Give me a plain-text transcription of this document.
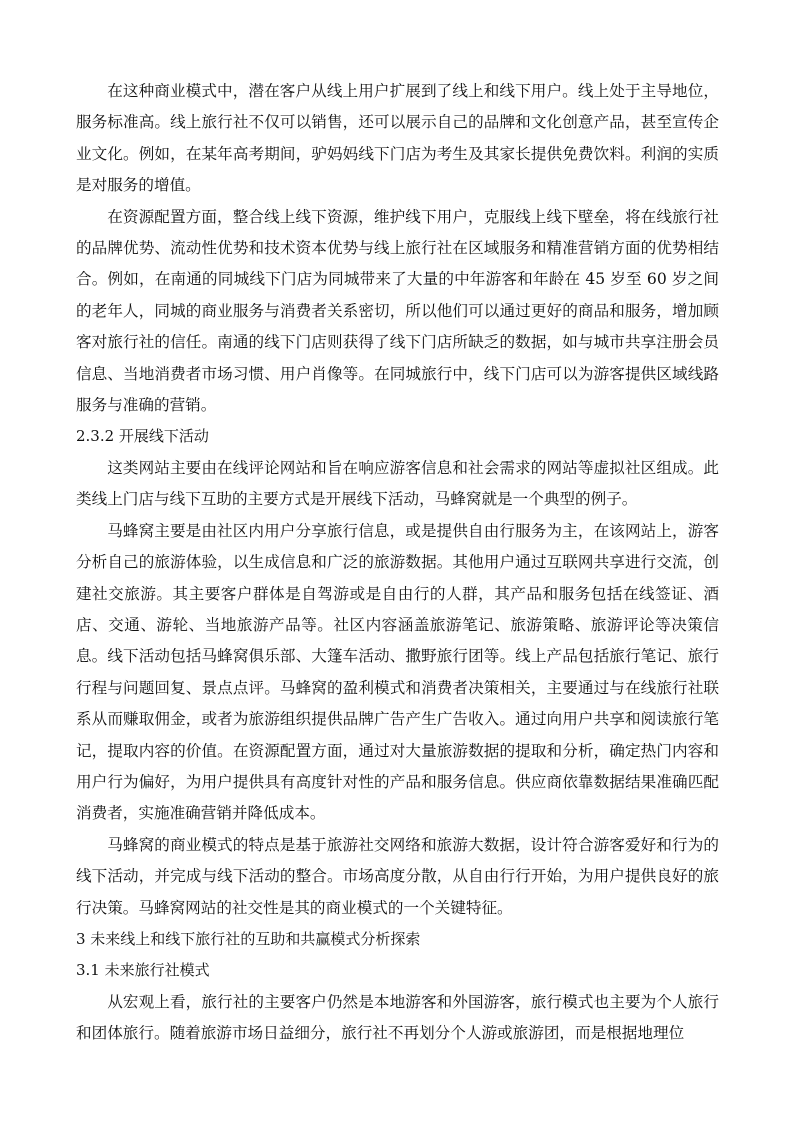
在这种商业模式中，潜在客户从线上用户扩展到了线上和线下用户。线上处于主导地位，服务标准高。线上旅行社不仅可以销售，还可以展示自己的品牌和文化创意产品，甚至宣传企业文化。例如，在某年高考期间，驴妈妈线下门店为考生及其家长提供免费饮料。利润的实质是对服务的增值。

在资源配置方面，整合线上线下资源，维护线下用户，克服线上线下壁垒，将在线旅行社的品牌优势、流动性优势和技术资本优势与线上旅行社在区域服务和精准营销方面的优势相结合。例如，在南通的同城线下门店为同城带来了大量的中年游客和年龄在 45 岁至 60 岁之间的老年人，同城的商业服务与消费者关系密切，所以他们可以通过更好的商品和服务，增加顾客对旅行社的信任。南通的线下门店则获得了线下门店所缺乏的数据，如与城市共享注册会员信息、当地消费者市场习惯、用户肖像等。在同城旅行中，线下门店可以为游客提供区域线路服务与准确的营销。

2.3.2 开展线下活动

这类网站主要由在线评论网站和旨在响应游客信息和社会需求的网站等虚拟社区组成。此类线上门店与线下互助的主要方式是开展线下活动，马蜂窝就是一个典型的例子。

马蜂窝主要是由社区内用户分享旅行信息，或是提供自由行服务为主，在该网站上，游客分析自己的旅游体验，以生成信息和广泛的旅游数据。其他用户通过互联网共享进行交流，创建社交旅游。其主要客户群体是自驾游或是自由行的人群，其产品和服务包括在线签证、酒店、交通、游轮、当地旅游产品等。社区内容涵盖旅游笔记、旅游策略、旅游评论等决策信息。线下活动包括马蜂窝俱乐部、大篷车活动、撒野旅行团等。线上产品包括旅行笔记、旅行行程与问题回复、景点点评。马蜂窝的盈利模式和消费者决策相关，主要通过与在线旅行社联系从而赚取佣金，或者为旅游组织提供品牌广告产生广告收入。通过向用户共享和阅读旅行笔记，提取内容的价值。在资源配置方面，通过对大量旅游数据的提取和分析，确定热门内容和用户行为偏好，为用户提供具有高度针对性的产品和服务信息。供应商依靠数据结果准确匹配消费者，实施准确营销并降低成本。

马蜂窝的商业模式的特点是基于旅游社交网络和旅游大数据，设计符合游客爱好和行为的线下活动，并完成与线下活动的整合。市场高度分散，从自由行行开始，为用户提供良好的旅行决策。马蜂窝网站的社交性是其的商业模式的一个关键特征。

3 未来线上和线下旅行社的互助和共赢模式分析探索

3.1 未来旅行社模式

从宏观上看，旅行社的主要客户仍然是本地游客和外国游客，旅行模式也主要为个人旅行和团体旅行。随着旅游市场日益细分，旅行社不再划分个人游或旅游团，而是根据地理位
